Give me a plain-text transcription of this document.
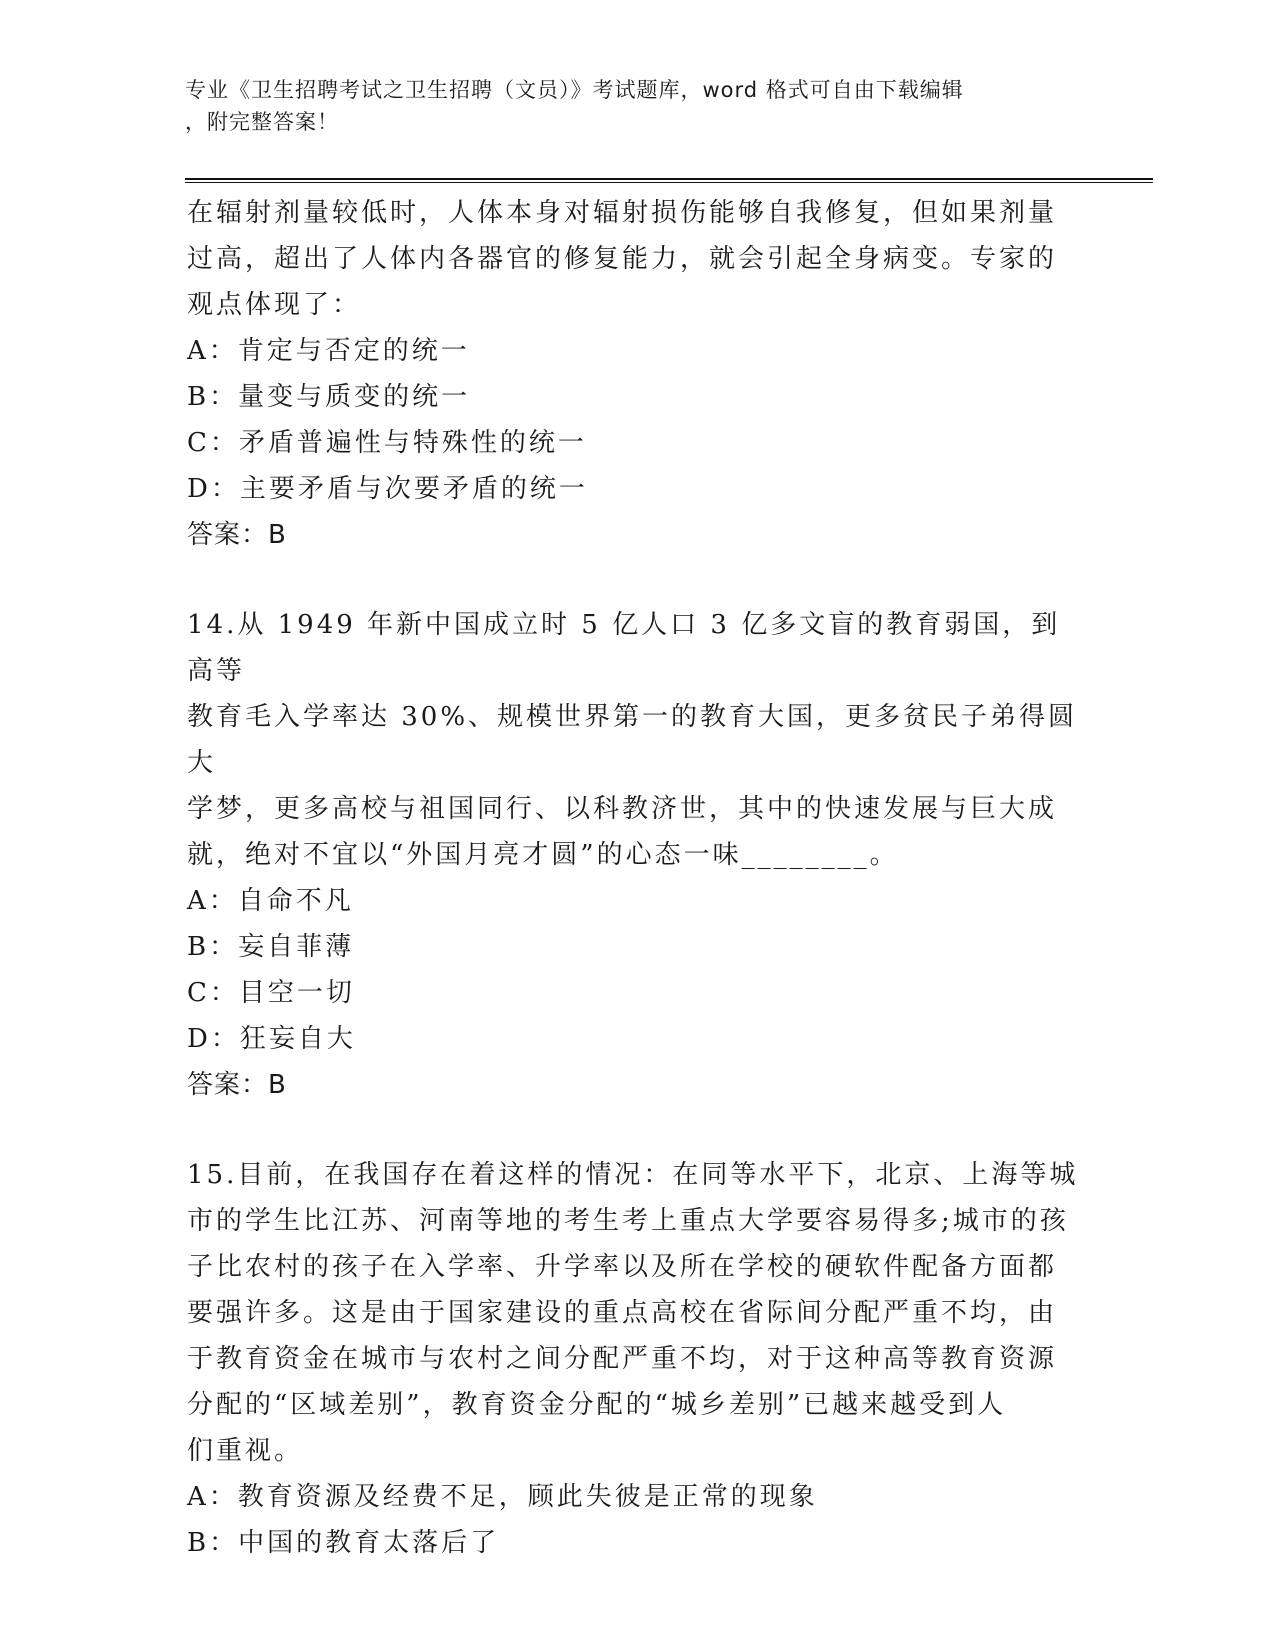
专业《卫生招聘考试之卫生招聘（文员）》考试题库，word 格式可自由下载编辑
，附完整答案！

在辐射剂量较低时，人体本身对辐射损伤能够自我修复，但如果剂量

过高，超出了人体内各器官的修复能力，就会引起全身病变。专家的

观点体现了：

A：肯定与否定的统一

B：量变与质变的统一

C：矛盾普遍性与特殊性的统一

D：主要矛盾与次要矛盾的统一

答案：B

14.从 1949 年新中国成立时 5 亿人口 3 亿多文盲的教育弱国，到高等

教育毛入学率达 30%、规模世界第一的教育大国，更多贫民子弟得圆大

学梦，更多高校与祖国同行、以科教济世，其中的快速发展与巨大成

就，绝对不宜以“外国月亮才圆”的心态一味________。

A：自命不凡

B：妄自菲薄

C：目空一切

D：狂妄自大

答案：B

15.目前，在我国存在着这样的情况：在同等水平下，北京、上海等城

市的学生比江苏、河南等地的考生考上重点大学要容易得多;城市的孩

子比农村的孩子在入学率、升学率以及所在学校的硬软件配备方面都

要强许多。这是由于国家建设的重点高校在省际间分配严重不均，由

于教育资金在城市与农村之间分配严重不均，对于这种高等教育资源

分配的“区域差别”，教育资金分配的“城乡差别”已越来越受到人

们重视。

A：教育资源及经费不足，顾此失彼是正常的现象

B：中国的教育太落后了
